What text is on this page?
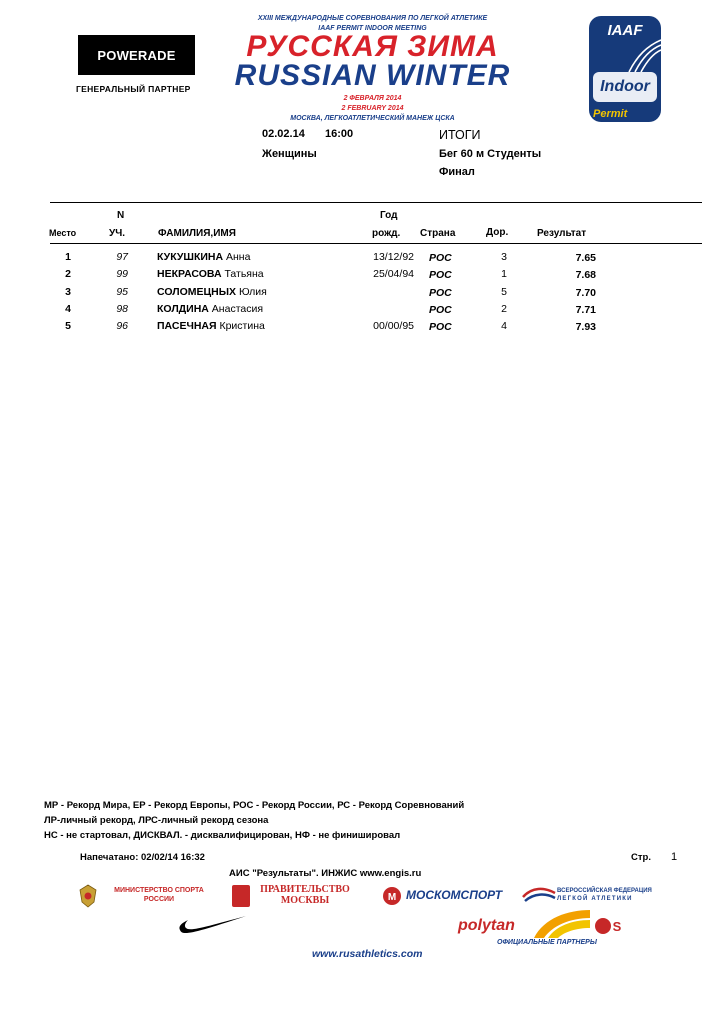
POWERADE
ГЕНЕРАЛЬНЫЙ ПАРТНЕР
XXIII МЕЖДУНАРОДНЫЕ СОРЕВНОВАНИЯ ПО ЛЕГКОЙ АТЛЕТИКЕ
IAAF PERMIT INDOOR MEETING
РУССКАЯ ЗИМА
RUSSIAN WINTER
2 ФЕВРАЛЯ 2014
2 FEBRUARY 2014
МОСКВА, ЛЕГКОАТЛЕТИЧЕСКИЙ МАНЕЖ ЦСКА
IAAF
Indoor
Permit
02.02.14 16:00
Женщины
ИТОГИ
Бег 60 м Студенты
Финал
N	Год
Место	УЧ.	ФАМИЛИЯ,ИМЯ	рожд. Страна	Дор.	Результат
1	97	КУКУШКИНА Анна	13/12/92 РОС	3	7.65
2	99	НЕКРАСОВА Татьяна	25/04/94 РОС	1	7.68
3	95	СОЛОМЕЦНЫХ Юлия	РОС	5	7.70
4	98	КОЛДИНА Анастасия	РОС	2	7.71
5	96	ПАСЕЧНАЯ Кристина	00/00/95 РОС	4	7.93
МР - Рекорд Мира, ЕР - Рекорд Европы, РОС - Рекорд России, РС - Рекорд Соревнований
ЛР-личный рекорд, ЛРС-личный рекорд сезона
НС - не стартовал, ДИСКВАЛ. - дисквалифицирован, НФ - не финишировал
Напечатано: 02/02/14 16:32	Стр. 1
АИС "Результаты". ИНЖИС www.engis.ru
МИНИСТЕРСТВО СПОРТА РОССИИ
ПРАВИТЕЛЬСТВО МОСКВЫ	M МОСКОМСПОРТ	ВСЕРОССИЙСКАЯ ФЕДЕРАЦИЯ
ЛЕГКОЙ АТЛЕТИКИ
polytan	S
ОФИЦИАЛЬНЫЕ ПАРТНЕРЫ
www.rusathletics.com
